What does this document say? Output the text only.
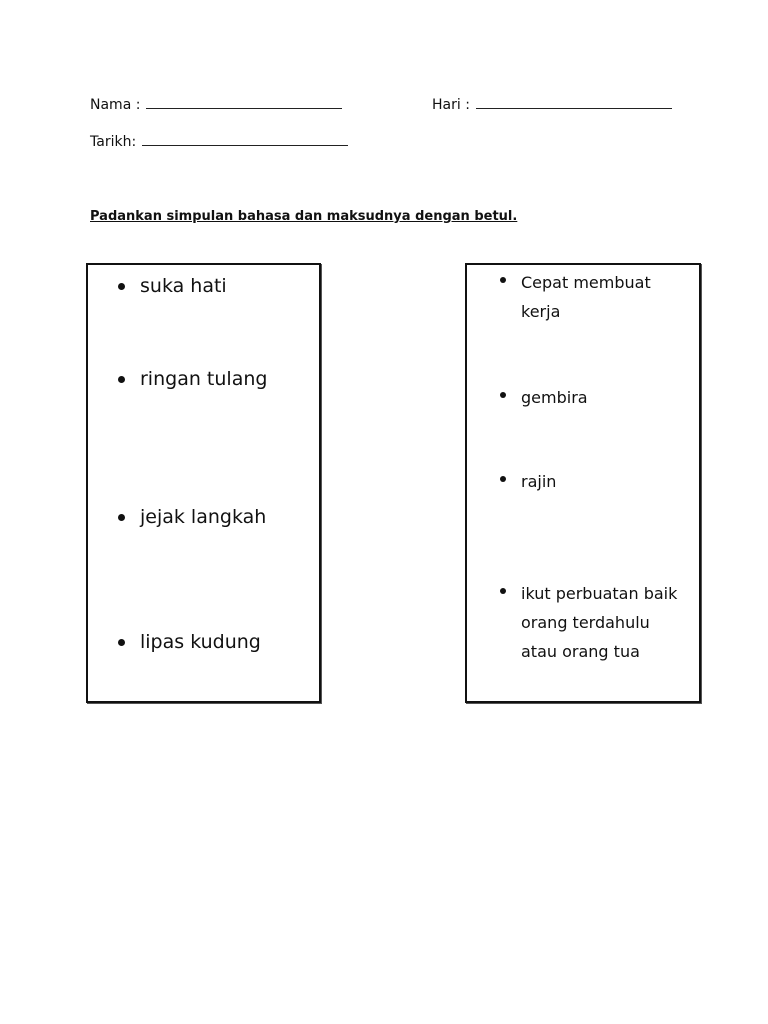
Nama :	Hari :
Tarikh:
Padankan simpulan bahasa dan maksudnya dengan betul.
suka hati
ringan tulang
jejak langkah
lipas kudung
Cepat membuat
kerja
gembira
rajin
ikut perbuatan baik
orang terdahulu
atau orang tua
